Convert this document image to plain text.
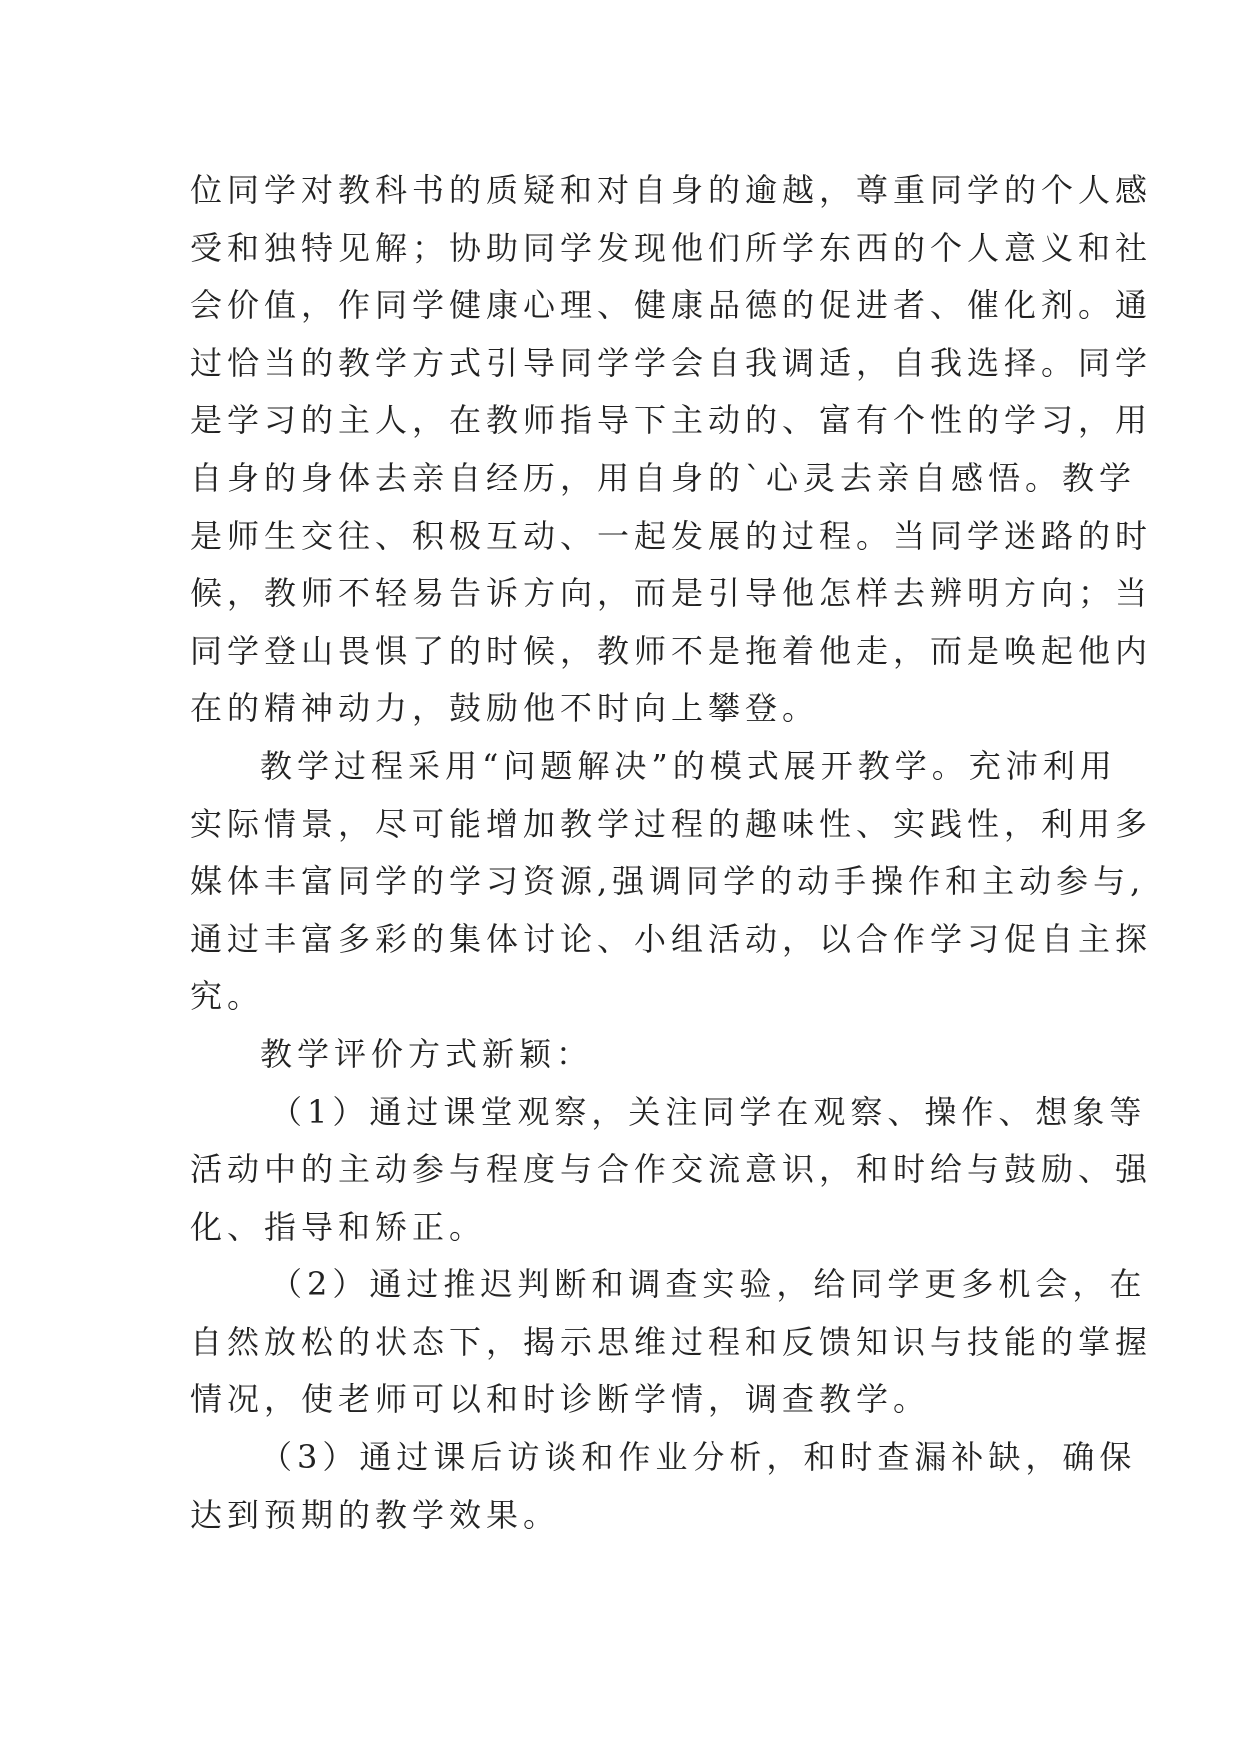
位同学对教科书的质疑和对自身的逾越，尊重同学的个人感
受和独特见解；协助同学发现他们所学东西的个人意义和社
会价值，作同学健康心理、健康品德的促进者、催化剂。通
过恰当的教学方式引导同学学会自我调适，自我选择。同学
是学习的主人，在教师指导下主动的、富有个性的学习，用
自身的身体去亲自经历，用自身的`心灵去亲自感悟。教学
是师生交往、积极互动、一起发展的过程。当同学迷路的时
候，教师不轻易告诉方向，而是引导他怎样去辨明方向；当
同学登山畏惧了的时候，教师不是拖着他走，而是唤起他内
在的精神动力，鼓励他不时向上攀登。
教学过程采用“问题解决”的模式展开教学。充沛利用
实际情景，尽可能增加教学过程的趣味性、实践性，利用多
媒体丰富同学的学习资源,强调同学的动手操作和主动参与,
通过丰富多彩的集体讨论、小组活动，以合作学习促自主探
究。
教学评价方式新颖：
（1）通过课堂观察，关注同学在观察、操作、想象等
活动中的主动参与程度与合作交流意识，和时给与鼓励、强
化、指导和矫正。
（2）通过推迟判断和调查实验，给同学更多机会，在
自然放松的状态下，揭示思维过程和反馈知识与技能的掌握
情况，使老师可以和时诊断学情，调查教学。
（3）通过课后访谈和作业分析，和时查漏补缺，确保
达到预期的教学效果。
